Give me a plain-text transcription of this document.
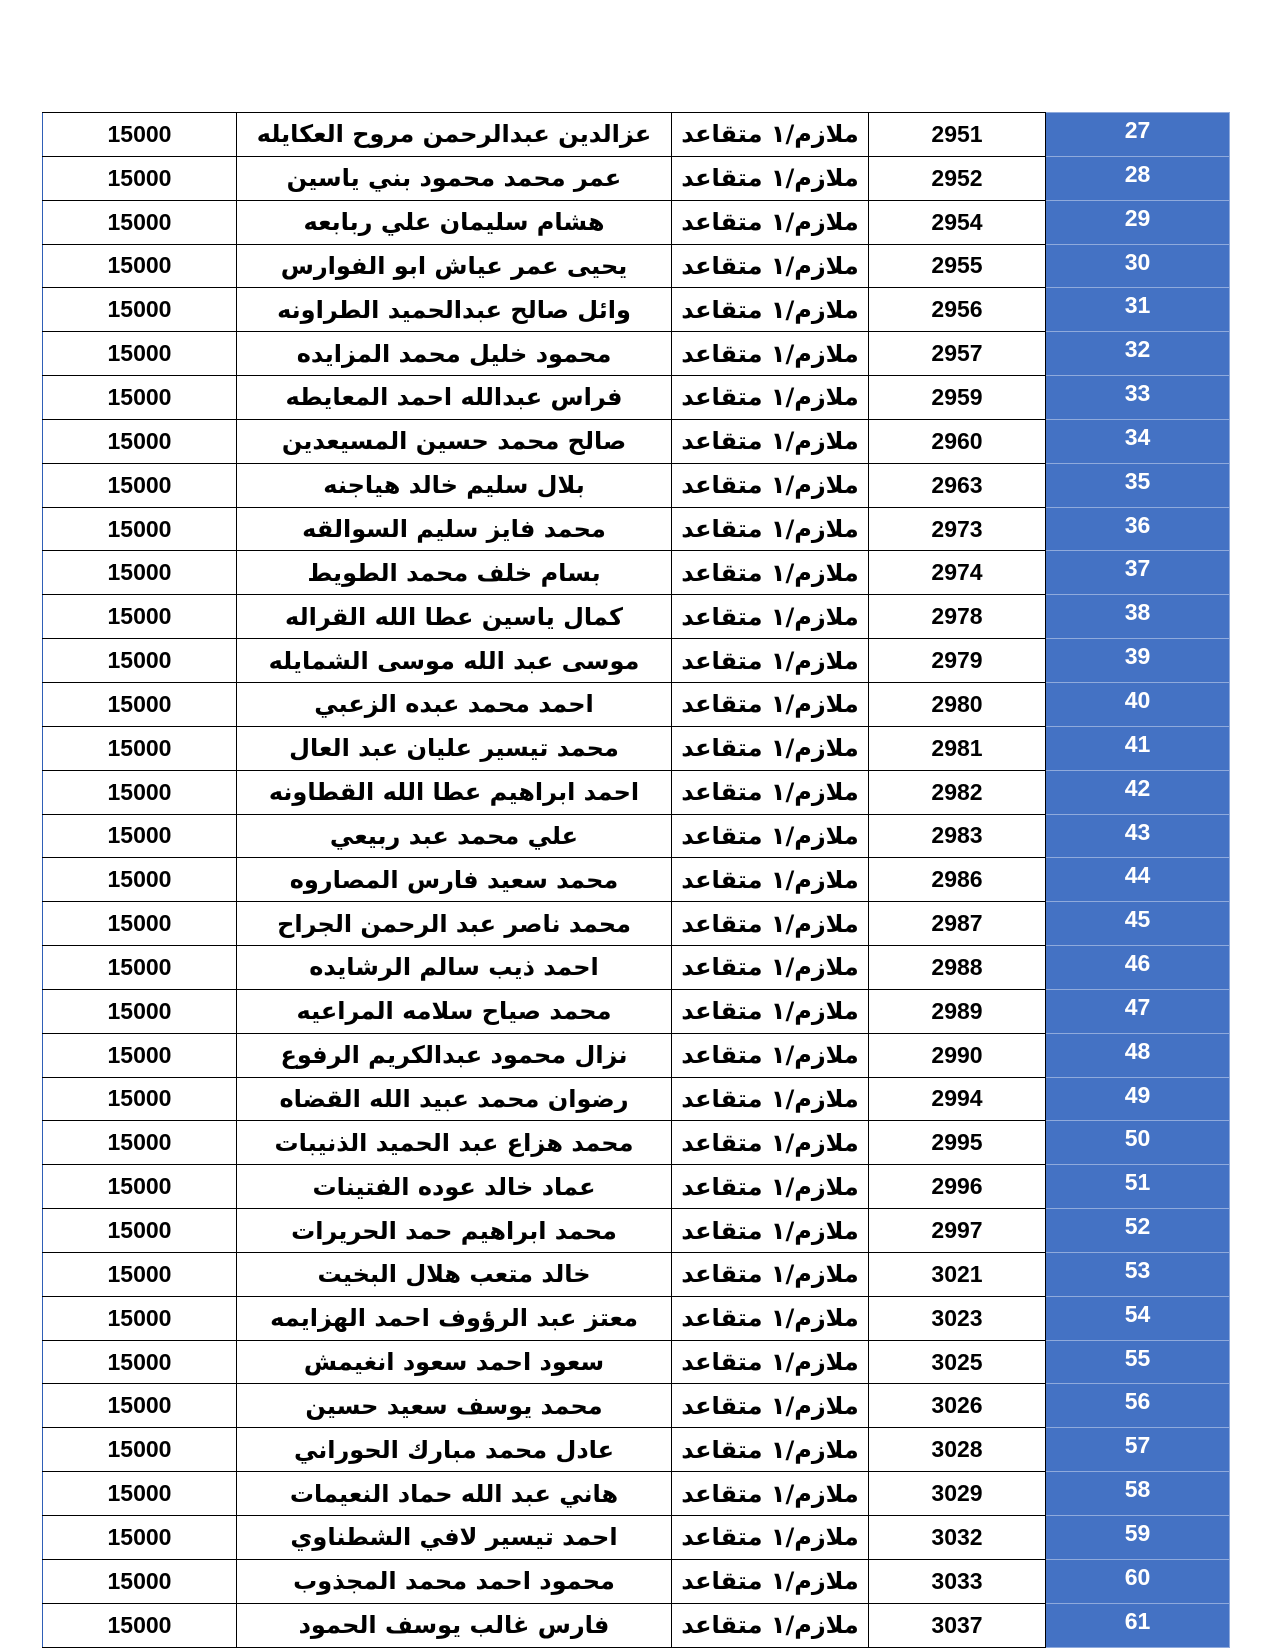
15000	عزالدين عبدالرحمن مروح العكايله	ملازم/١ متقاعد	2951	27
15000	عمر محمد محمود بني ياسين	ملازم/١ متقاعد	2952	28
15000	هشام سليمان علي ربابعه	ملازم/١ متقاعد	2954	29
15000	يحيى عمر عياش ابو الفوارس	ملازم/١ متقاعد	2955	30
15000	وائل صالح عبدالحميد الطراونه	ملازم/١ متقاعد	2956	31
15000	محمود خليل محمد المزايده	ملازم/١ متقاعد	2957	32
15000	فراس عبدالله احمد المعايطه	ملازم/١ متقاعد	2959	33
15000	صالح محمد حسين المسيعدين	ملازم/١ متقاعد	2960	34
15000	بلال سليم خالد هياجنه	ملازم/١ متقاعد	2963	35
15000	محمد فايز سليم السوالقه	ملازم/١ متقاعد	2973	36
15000	بسام خلف محمد الطويط	ملازم/١ متقاعد	2974	37
15000	كمال ياسين عطا الله القراله	ملازم/١ متقاعد	2978	38
15000	موسى عبد الله موسى الشمايله	ملازم/١ متقاعد	2979	39
15000	احمد محمد عبده الزعبي	ملازم/١ متقاعد	2980	40
15000	محمد تيسير عليان عبد العال	ملازم/١ متقاعد	2981	41
15000	احمد ابراهيم عطا الله القطاونه	ملازم/١ متقاعد	2982	42
15000	علي محمد عبد ربيعي	ملازم/١ متقاعد	2983	43
15000	محمد سعيد فارس المصاروه	ملازم/١ متقاعد	2986	44
15000	محمد ناصر عبد الرحمن الجراح	ملازم/١ متقاعد	2987	45
15000	احمد ذيب سالم الرشايده	ملازم/١ متقاعد	2988	46
15000	محمد صياح سلامه المراعيه	ملازم/١ متقاعد	2989	47
15000	نزال محمود عبدالكريم الرفوع	ملازم/١ متقاعد	2990	48
15000	رضوان محمد عبيد الله القضاه	ملازم/١ متقاعد	2994	49
15000	محمد هزاع عبد الحميد الذنيبات	ملازم/١ متقاعد	2995	50
15000	عماد خالد عوده الفتينات	ملازم/١ متقاعد	2996	51
15000	محمد ابراهيم حمد الحريرات	ملازم/١ متقاعد	2997	52
15000	خالد متعب هلال البخيت	ملازم/١ متقاعد	3021	53
15000	معتز عبد الرؤوف احمد الهزايمه	ملازم/١ متقاعد	3023	54
15000	سعود احمد سعود انغيمش	ملازم/١ متقاعد	3025	55
15000	محمد يوسف سعيد حسين	ملازم/١ متقاعد	3026	56
15000	عادل محمد مبارك الحوراني	ملازم/١ متقاعد	3028	57
15000	هاني عبد الله حماد النعيمات	ملازم/١ متقاعد	3029	58
15000	احمد تيسير لافي الشطناوي	ملازم/١ متقاعد	3032	59
15000	محمود احمد محمد المجذوب	ملازم/١ متقاعد	3033	60
15000	فارس غالب يوسف الحمود	ملازم/١ متقاعد	3037	61
